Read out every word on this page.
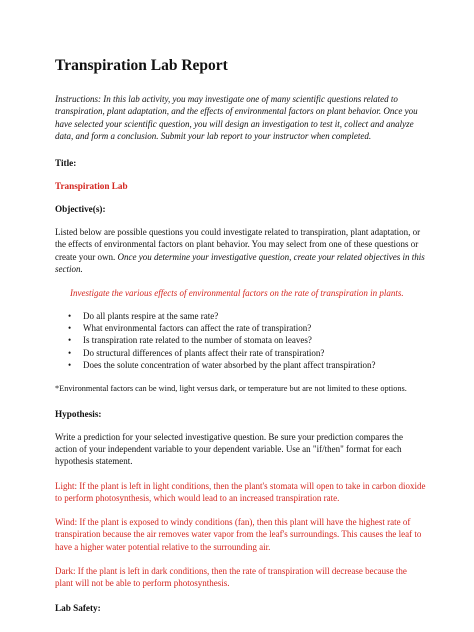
Transpiration Lab Report

Instructions: In this lab activity, you may investigate one of many scientific questions related to transpiration, plant adaptation, and the effects of environmental factors on plant behavior. Once you have selected your scientific question, you will design an investigation to test it, collect and analyze data, and form a conclusion. Submit your lab report to your instructor when completed.

Title:

Transpiration Lab

Objective(s):

Listed below are possible questions you could investigate related to transpiration, plant adaptation, or the effects of environmental factors on plant behavior. You may select from one of these questions or create your own. Once you determine your investigative question, create your related objectives in this section.

Investigate the various effects of environmental factors on the rate of transpiration in plants.

• Do all plants respire at the same rate?
• What environmental factors can affect the rate of transpiration?
• Is transpiration rate related to the number of stomata on leaves?
• Do structural differences of plants affect their rate of transpiration?
• Does the solute concentration of water absorbed by the plant affect transpiration?

*Environmental factors can be wind, light versus dark, or temperature but are not limited to these options.

Hypothesis:

Write a prediction for your selected investigative question. Be sure your prediction compares the action of your independent variable to your dependent variable. Use an "if/then" format for each hypothesis statement.

Light: If the plant is left in light conditions, then the plant's stomata will open to take in carbon dioxide to perform photosynthesis, which would lead to an increased transpiration rate.

Wind: If the plant is exposed to windy conditions (fan), then this plant will have the highest rate of transpiration because the air removes water vapor from the leaf's surroundings. This causes the leaf to have a higher water potential relative to the surrounding air.

Dark: If the plant is left in dark conditions, then the rate of transpiration will decrease because the plant will not be able to perform photosynthesis.

Lab Safety:
